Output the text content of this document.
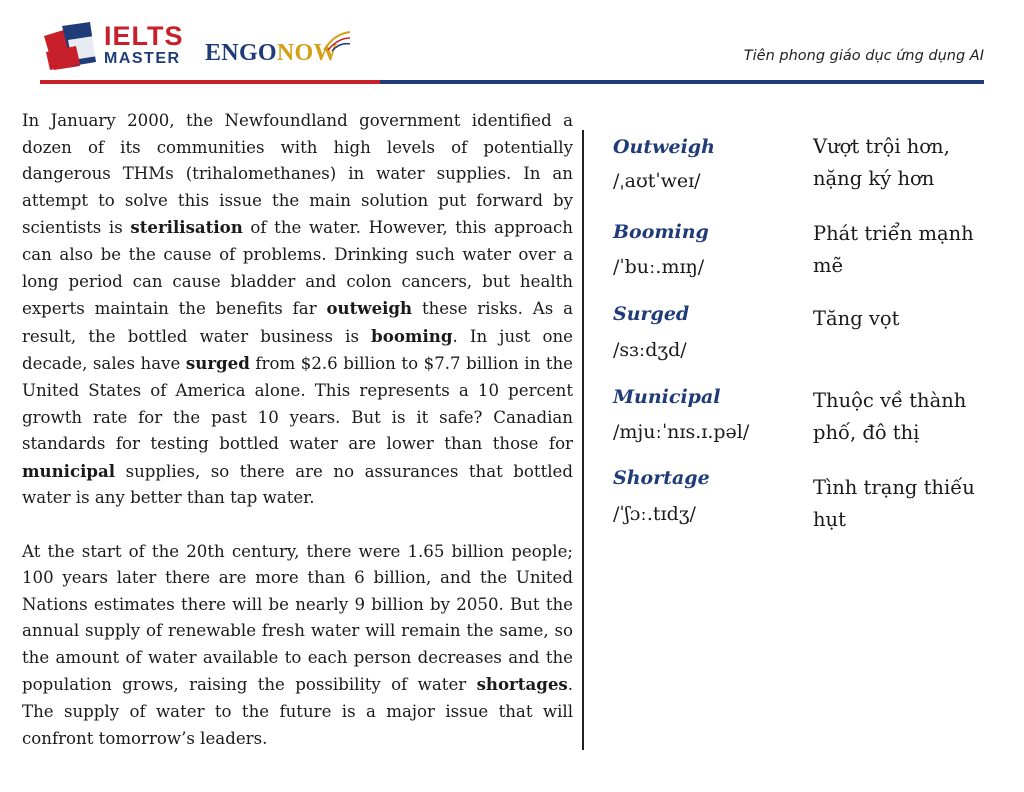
IELTS
MASTER ENGONOW	Tiên phong giáo dục ứng dụng AI

In January 2000, the Newfoundland government identified a dozen of its communities with high levels of potentially dangerous THMs (trihalomethanes) in water supplies. In an attempt to solve this issue the main solution put forward by scientists is sterilisation of the water. However, this approach can also be the cause of problems. Drinking such water over a long period can cause bladder and colon cancers, but health experts maintain the benefits far outweigh these risks. As a result, the bottled water business is booming. In just one decade, sales have surged from $2.6 billion to $7.7 billion in the United States of America alone. This represents a 10 percent growth rate for the past 10 years. But is it safe? Canadian standards for testing bottled water are lower than those for municipal supplies, so there are no assurances that bottled water is any better than tap water.

At the start of the 20th century, there were 1.65 billion people; 100 years later there are more than 6 billion, and the United Nations estimates there will be nearly 9 billion by 2050. But the annual supply of renewable fresh water will remain the same, so the amount of water available to each person decreases and the population grows, raising the possibility of water shortages. The supply of water to the future is a major issue that will confront tomorrow’s leaders.

Outweigh
/ˌaʊtˈweɪ/
Vượt trội hơn, nặng ký hơn
Booming
/ˈbuː.mɪŋ/
Phát triển mạnh mẽ
Surged
/sɜːdʒd/
Tăng vọt
Municipal
/mjuːˈnɪs.ɪ.pəl/
Thuộc về thành phố, đô thị
Shortage
/ˈʃɔː.tɪdʒ/
Tình trạng thiếu hụt
